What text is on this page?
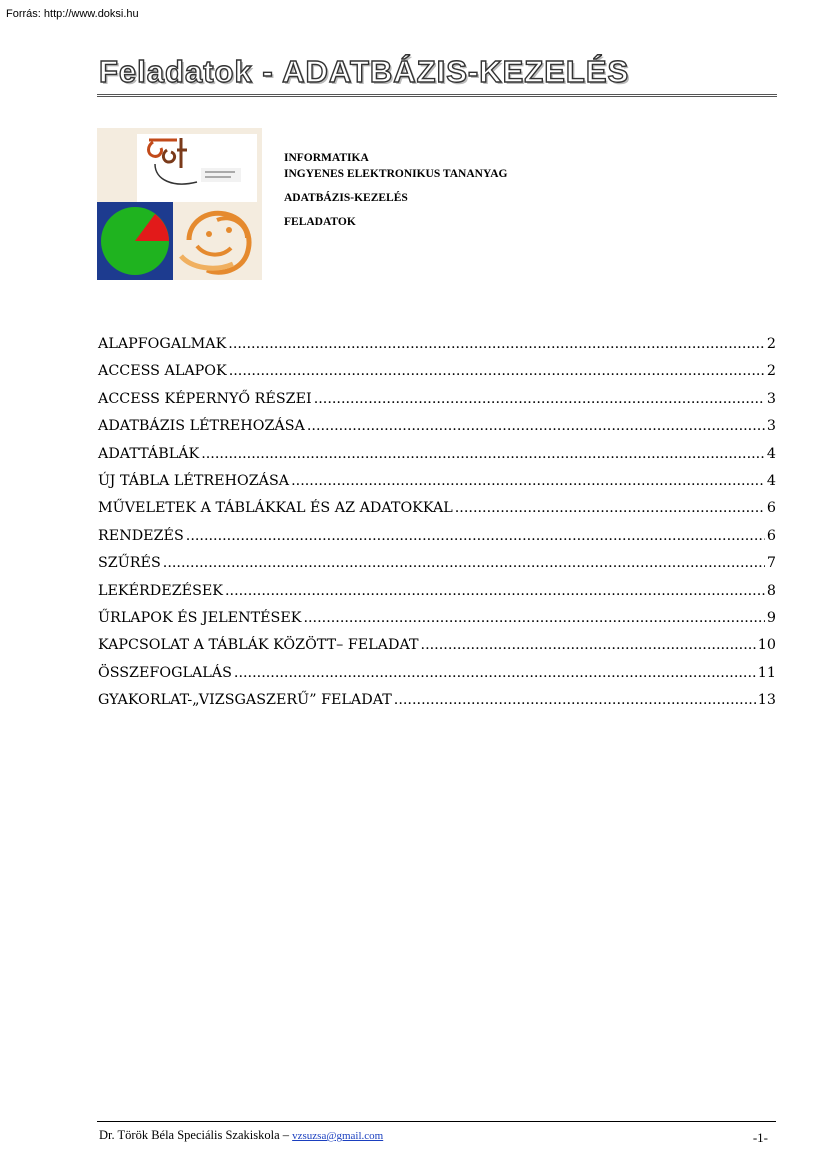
Forrás: http://www.doksi.hu
Feladatok - ADATBÁZIS-KEZELÉS
INFORMATIKA
INGYENES ELEKTRONIKUS TANANYAG
ADATBÁZIS-KEZELÉS
FELADATOK
ALAPFOGALMAK .....	2
ACCESS ALAPOK .....	2
ACCESS KÉPERNYŐ RÉSZEI .....	3
ADATBÁZIS LÉTREHOZÁSA .....	3
ADATTÁBLÁK .....	4
ÚJ TÁBLA LÉTREHOZÁSA .....	4
MŰVELETEK A TÁBLÁKKAL ÉS AZ ADATOKKAL .....	6
RENDEZÉS .....	6
SZŰRÉS .....	7
LEKÉRDEZÉSEK .....	8
ŰRLAPOK ÉS JELENTÉSEK .....	9
KAPCSOLAT A TÁBLÁK KÖZÖTT– FELADAT .....	10
ÖSSZEFOGLALÁS .....	11
GYAKORLAT-„VIZSGASZERŰ” FELADAT .....	13
Dr. Török Béla Speciális Szakiskola – vzsuzsa@gmail.com	-1-
